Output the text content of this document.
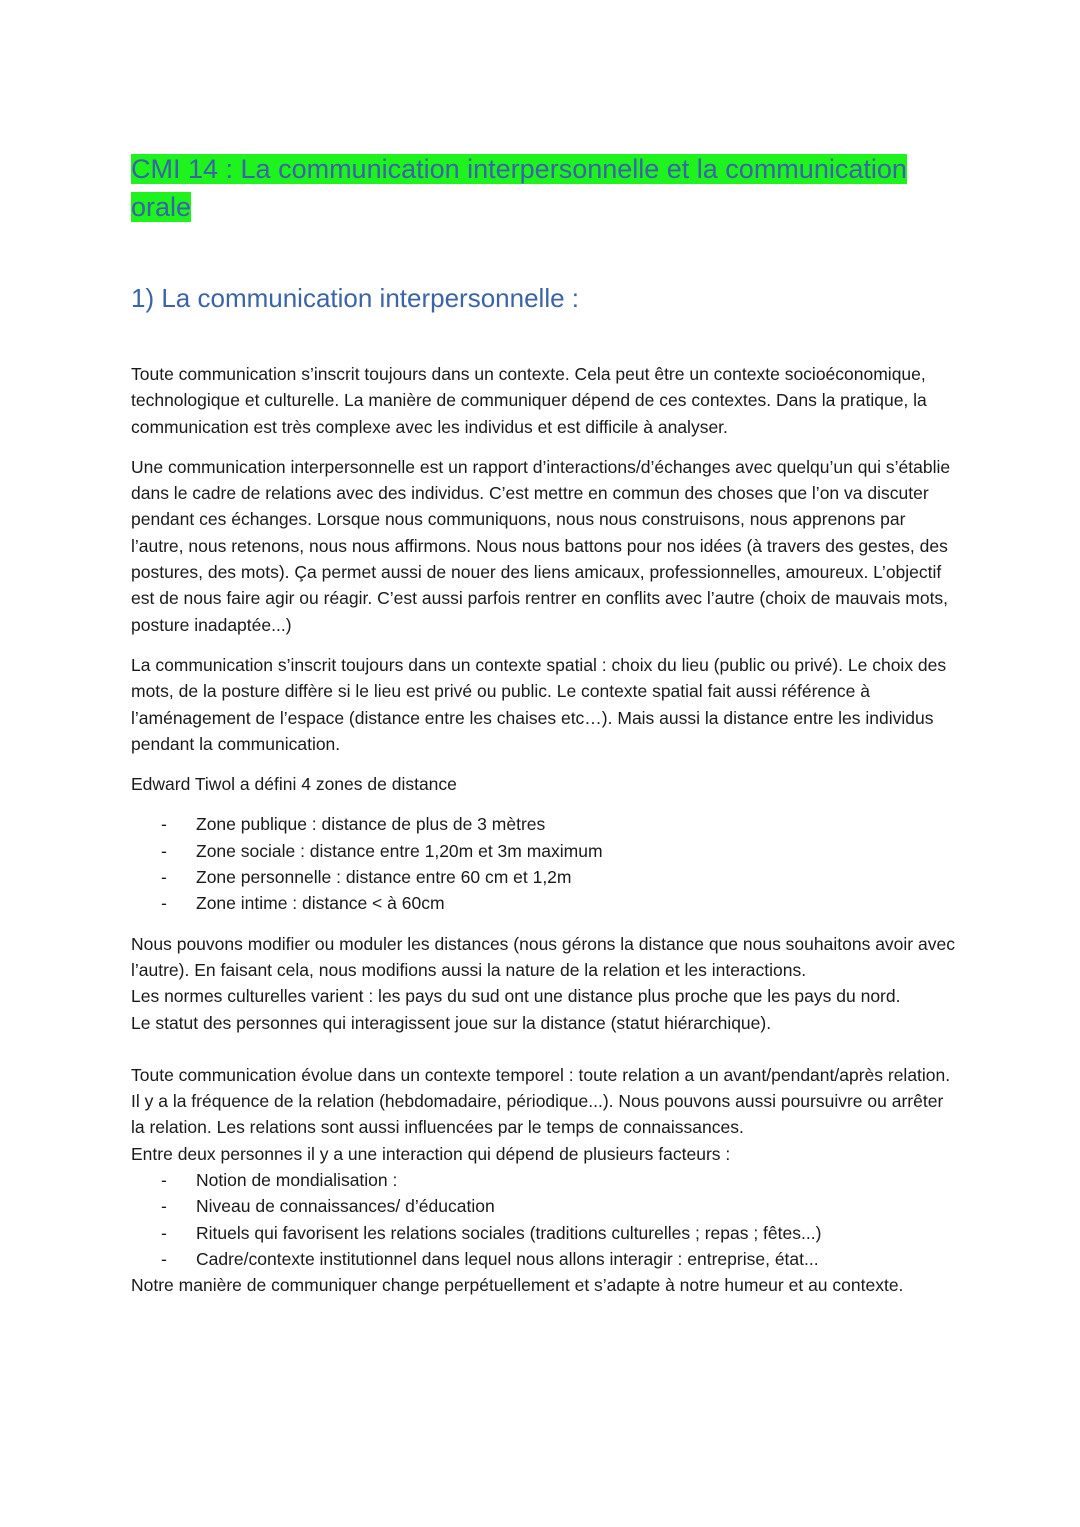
CMI 14 : La communication interpersonnelle et la communication orale
1) La communication interpersonnelle :

Toute communication s’inscrit toujours dans un contexte. Cela peut être un contexte socioéconomique, technologique et culturelle. La manière de communiquer dépend de ces contextes. Dans la pratique, la communication est très complexe avec les individus et est difficile à analyser.

Une communication interpersonnelle est un rapport d’interactions/d’échanges avec quelqu’un qui s’établie dans le cadre de relations avec des individus. C’est mettre en commun des choses que l’on va discuter pendant ces échanges. Lorsque nous communiquons, nous nous construisons, nous apprenons par l’autre, nous retenons, nous nous affirmons. Nous nous battons pour nos idées (à travers des gestes, des postures, des mots). Ça permet aussi de nouer des liens amicaux, professionnelles, amoureux. L’objectif est de nous faire agir ou réagir. C’est aussi parfois rentrer en conflits avec l’autre (choix de mauvais mots, posture inadaptée...)

La communication s’inscrit toujours dans un contexte spatial : choix du lieu (public ou privé). Le choix des mots, de la posture diffère si le lieu est privé ou public. Le contexte spatial fait aussi référence à l’aménagement de l’espace (distance entre les chaises etc…). Mais aussi la distance entre les individus pendant la communication.

Edward Tiwol a défini 4 zones de distance

- Zone publique : distance de plus de 3 mètres
- Zone sociale : distance entre 1,20m et 3m maximum
- Zone personnelle : distance entre 60 cm et 1,2m
- Zone intime : distance < à 60cm
Nous pouvons modifier ou moduler les distances (nous gérons la distance que nous souhaitons avoir avec l’autre). En faisant cela, nous modifions aussi la nature de la relation et les interactions.
Les normes culturelles varient : les pays du sud ont une distance plus proche que les pays du nord.
Le statut des personnes qui interagissent joue sur la distance (statut hiérarchique).
Toute communication évolue dans un contexte temporel : toute relation a un avant/pendant/après relation.
Il y a la fréquence de la relation (hebdomadaire, périodique...). Nous pouvons aussi poursuivre ou arrêter la relation. Les relations sont aussi influencées par le temps de connaissances.
Entre deux personnes il y a une interaction qui dépend de plusieurs facteurs :
- Notion de mondialisation :
- Niveau de connaissances/ d’éducation
- Rituels qui favorisent les relations sociales (traditions culturelles ; repas ; fêtes...)
- Cadre/contexte institutionnel dans lequel nous allons interagir : entreprise, état...

Notre manière de communiquer change perpétuellement et s’adapte à notre humeur et au contexte.
